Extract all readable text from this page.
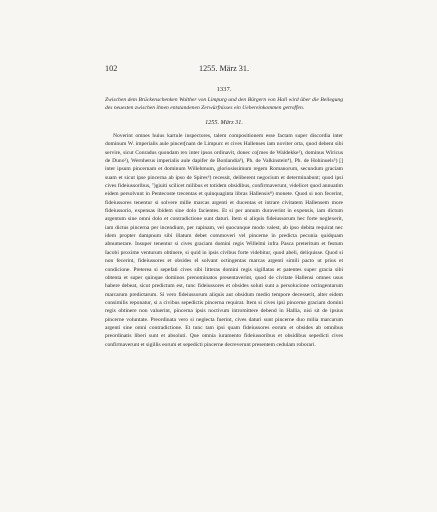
102	1255. März 31.
1337.

Zwischen dem Brückenschenken Walther von Limpurg und den Bürgern von Hall wird über die Beilegung des neuesten zwischen ihnen entstandenen Zerwürfnisses ein Uebereinkommen getroffen.

1255. März 31.

Noverint omnes huius kartule inspectores, talem compositionem esse factam super discordia inter dominum W. imperialis aule pincer[nam de Limpurc et cives Hallenses iam noviter orta, quod debent sibi servire, sicut Conradus quondam rex inter ipsos ordinavit, donec co[mes de Waldekke¹), dominus Wiricus de Duno²), Wernherus imperialis aule dapifer de Bonlandia³), Ph. de Valkinstein⁴), Ph. de Hohinuels⁵) [] inter ipsum pincernam et dominum Willehmum, gloriosissimum regem Romanorum, secundum graciam suam et sicut ipse pincerna ab ipso de Spires⁶) recessit, deliberent negocium et determinabunt; quod ipsi cives fideiussoribus, ⁷)giuiti scilicet milibus et totidem obsidibus, confirmaverunt, videlicet quod annuatim eidem persolvunt in Pentecoste trecentas et quinquaginta libras Hallensis⁸) monete. Quod si non fecerint, fideiussores tenentur si solvere mille marcas argenti et ducentas et intrare civitatem Hallensem more fideiussorio, expensas ibidem sine dolo facientes. Et si per annum duraverint in expensis, iam dictum argentum sine omni dolo et contradictione sunt daturi. Item si aliquis fideiussorum hec forte neglexerit, iam dictus pincerna per incendium, per rapinam, vel quocunque modo valest, ab ipso debita requirat nec idem propter dampnum sibi illatum debet commoveri vel pincerne in predicta pecunia quidquam abnumerare. Insuper tenentur si cives graciam domini regis Willelmi infra Pasca preteritum et festum Iacobi proxime venturum obtinere, si quid in ipsis civibus forte videbitur, quod abeli, deliquisse. Quod si non fecerint, fideiussores et obsides el solvant octingentas marcas argenti simili pacto ut prius et condicione. Preterea si sepefati cives sibi litteras domini regis sigillatas et patentes super gracia sibi obtenta et super quinque dominos prenominatos presentaverint, quod de civitate Hallensi omnes usus habere debeat, sicut predictum est, tunc fideiussores et obsides soluti sunt a persolucione octingentarum marcarum predictarum. Si vero fideiussorum aliquis aut obsidum medio tempore decesserit, alter eidem consimilis reponatur, si a civibus sepedictis pincerna requirat. Item si cives ipsi pincerne graciam domini regis obtinere non valuerint, pincerna ipsis noctivum intromittere debend in Hallia, nisi sit de ipsius pincerne voluntate. Preordinata vero si neglecta fuerint, cives daturi sunt pincerne duo milia marcarum argenti sine omni contradictione. Et tunc tam ipsi quam fideiussores eorum et obsides ab omnibus preordinatis liberi sunt et absoluti. Que omnia iuramento fideiussoribus et obsidibus sepedicti cives confirmaverunt et sigillis eorum et sepedicti pincerne decreverunt presentem cedulam roborari.
